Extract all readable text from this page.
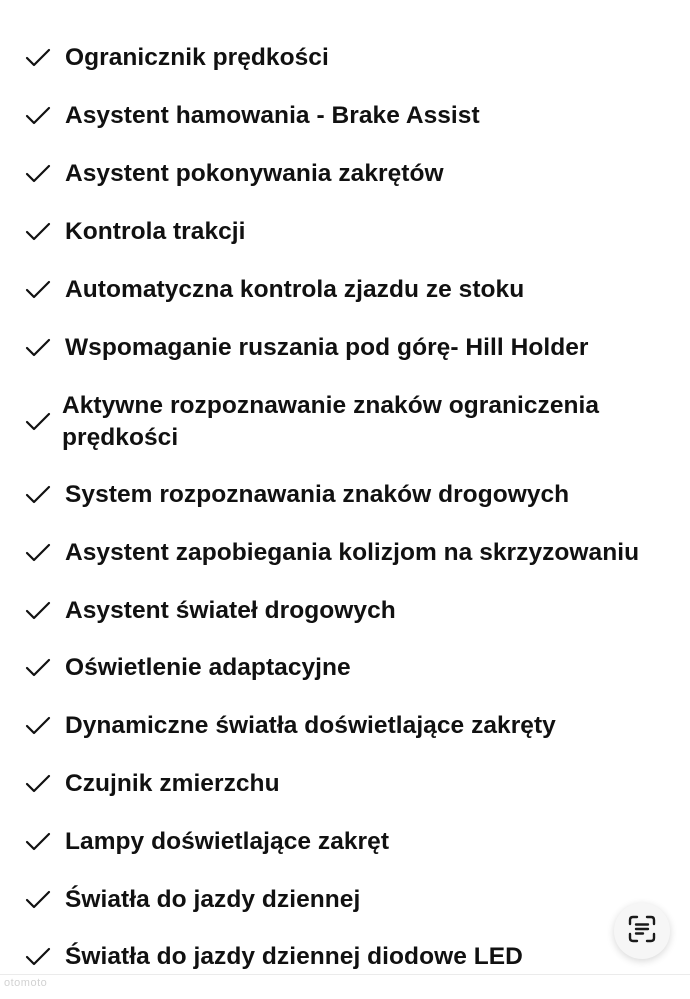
Ogranicznik prędkości
Asystent hamowania - Brake Assist
Asystent pokonywania zakrętów
Kontrola trakcji
Automatyczna kontrola zjazdu ze stoku
Wspomaganie ruszania pod górę- Hill Holder
Aktywne rozpoznawanie znaków ograniczenia prędkości
System rozpoznawania znaków drogowych
Asystent zapobiegania kolizjom na skrzyzowaniu
Asystent świateł drogowych
Oświetlenie adaptacyjne
Dynamiczne światła doświetlające zakręty
Czujnik zmierzchu
Lampy doświetlające zakręt
Światła do jazdy dziennej
Światła do jazdy dziennej diodowe LED
otomoto
